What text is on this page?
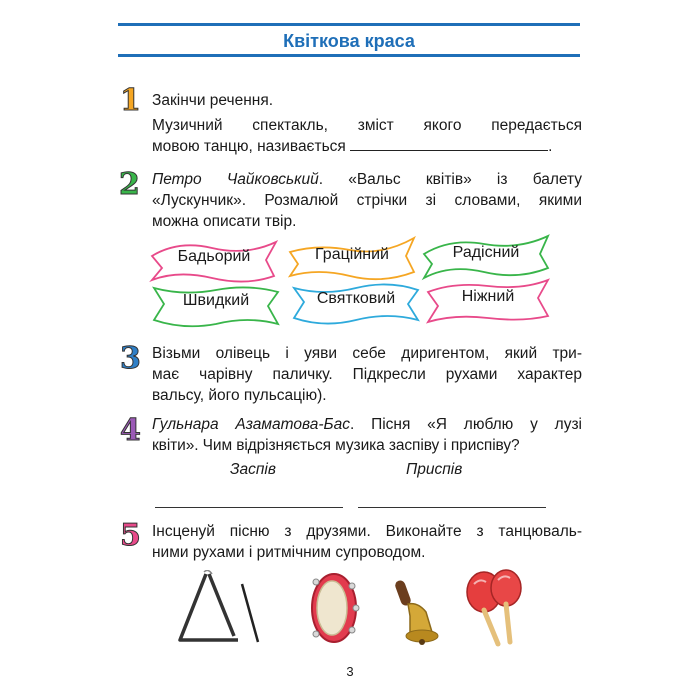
Квіткова краса
1 Закінчи речення.
Музичний спектакль, зміст якого передається
мовою танцю, називається	.
2 Петро Чайковський. «Вальс квітів» із балету
«Лускунчик». Розмалюй стрічки зі словами, якими
можна описати твір.
Бадьорий	Граційний	Радісний
Швидкий	Святковий	Ніжний
3 Візьми олівець і уяви себе диригентом, який три-
має чарівну паличку. Підкресли рухами характер
вальсу, його пульсацію).
4 Гульнара Азаматова-Бас. Пісня «Я люблю у лузі
квіти». Чим відрізняється музика заспіву і приспіву?
Заспів	Приспів
5 Інсценуй пісню з друзями. Виконайте з танцюваль-
ними рухами і ритмічним супроводом.
3
